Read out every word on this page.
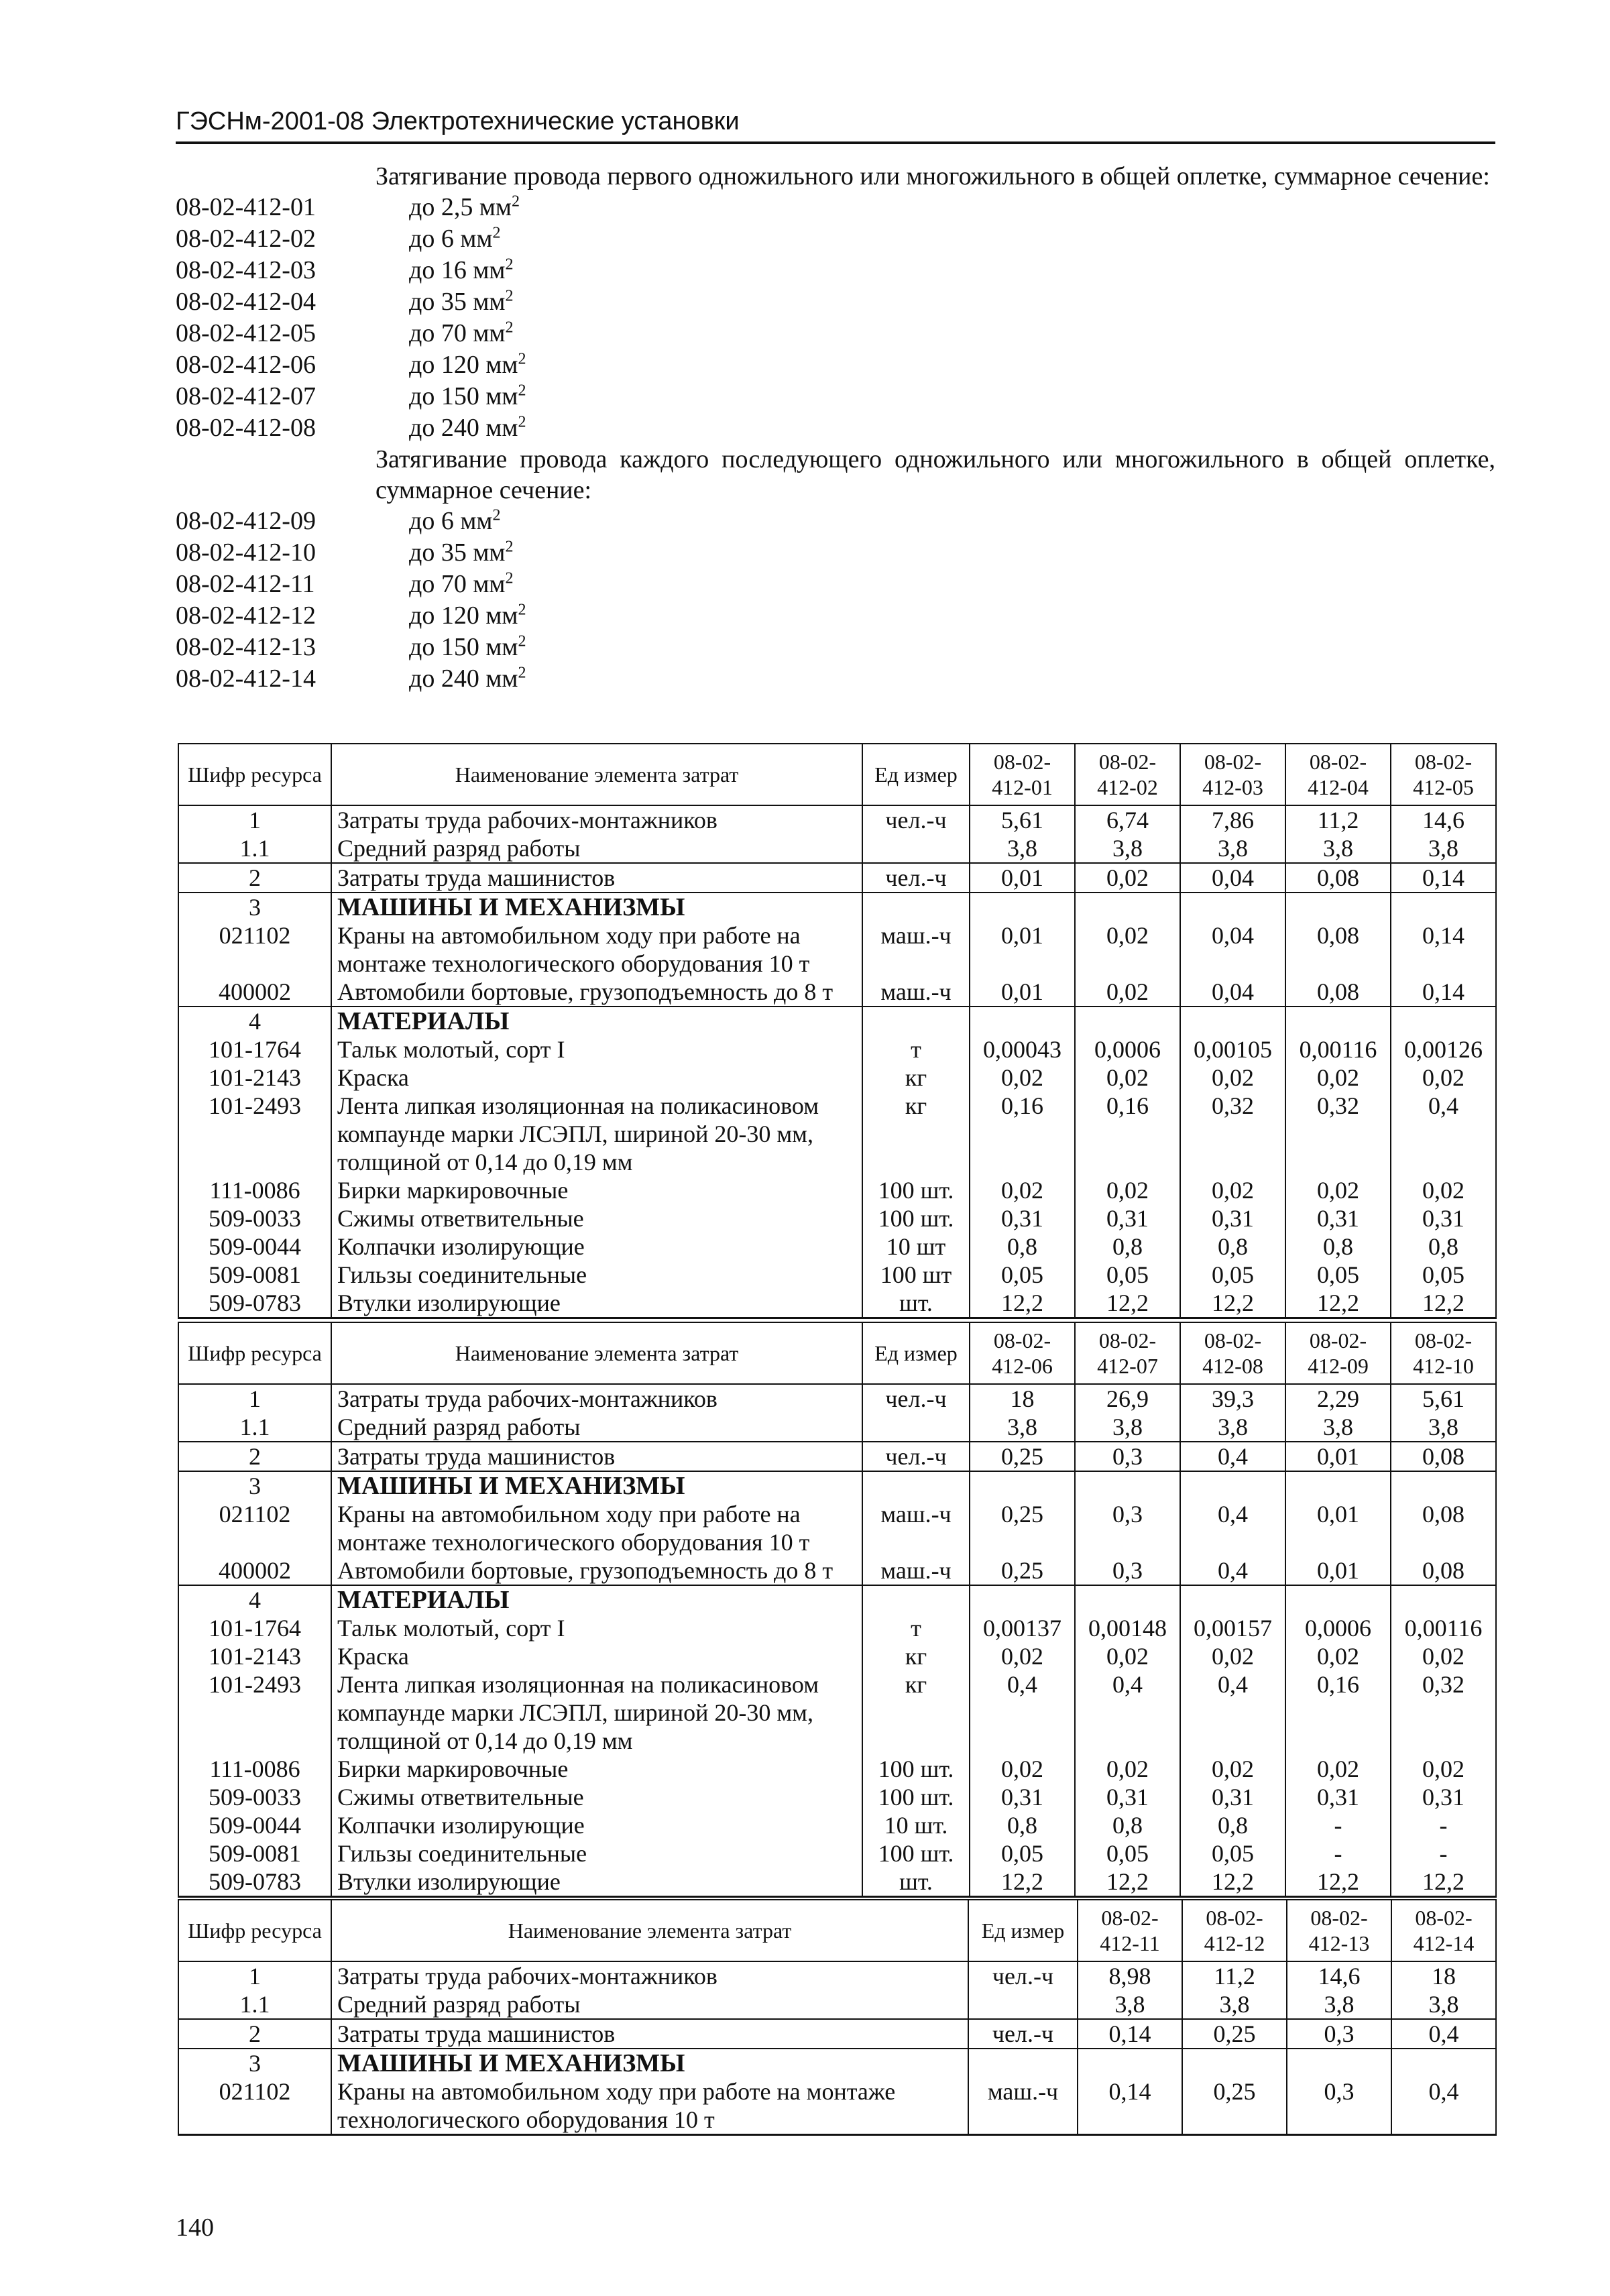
ГЭСНм-2001-08 Электротехнические установки
Затягивание провода первого одножильного или многожильного в общей оплетке, суммарное сечение:
08-02-412-01	до 2,5 $мм^2$
08-02-412-02	до 6 $мм^2$
08-02-412-03	до 16 $мм^2$
08-02-412-04	до 35 $мм^2$
08-02-412-05	до 70 $мм^2$
08-02-412-06	до 120 $мм^2$
08-02-412-07	до 150 $мм^2$
08-02-412-08	до 240 $мм^2$
Затягивание провода каждого последующего одножильного или многожильного в общей оплетке, суммарное сечение:
08-02-412-09	до 6 $мм^2$
08-02-412-10	до 35 $мм^2$
08-02-412-11	до 70 $мм^2$
08-02-412-12	до 120 $мм^2$
08-02-412-13	до 150 $мм^2$
08-02-412-14	до 240 $мм^2$
Шифр ресурса	Наименование элемента затрат	Ед измер	08-02-412-01	08-02-412-02	08-02-412-03	08-02-412-04	08-02-412-05
1	Затраты труда рабочих-монтажников	чел.-ч	5,61	6,74	7,86	11,2	14,6
1.1	Средний разряд работы		3,8	3,8	3,8	3,8	3,8
2	Затраты труда машинистов	чел.-ч	0,01	0,02	0,04	0,08	0,14
3	МАШИНЫ И МЕХАНИЗМЫ						
021102	Краны на автомобильном ходу при работе на монтаже технологического оборудования 10 т	маш.-ч	0,01	0,02	0,04	0,08	0,14
400002	Автомобили бортовые, грузоподъемность до 8 т	маш.-ч	0,01	0,02	0,04	0,08	0,14
4	МАТЕРИАЛЫ						
101-1764	Тальк молотый, сорт I	т	0,00043	0,0006	0,00105	0,00116	0,00126
101-2143	Краска	кг	0,02	0,02	0,02	0,02	0,02
101-2493	Лента липкая изоляционная на поликасиновом компаунде марки ЛСЭПЛ, шириной 20-30 мм, толщиной от 0,14 до 0,19 мм	кг	0,16	0,16	0,32	0,32	0,4
111-0086	Бирки маркировочные	100 шт.	0,02	0,02	0,02	0,02	0,02
509-0033	Сжимы ответвительные	100 шт.	0,31	0,31	0,31	0,31	0,31
509-0044	Колпачки изолирующие	10 шт	0,8	0,8	0,8	0,8	0,8
509-0081	Гильзы соединительные	100 шт	0,05	0,05	0,05	0,05	0,05
509-0783	Втулки изолирующие	шт.	12,2	12,2	12,2	12,2	12,2
Шифр ресурса	Наименование элемента затрат	Ед измер	08-02-412-06	08-02-412-07	08-02-412-08	08-02-412-09	08-02-412-10
1	Затраты труда рабочих-монтажников	чел.-ч	18	26,9	39,3	2,29	5,61
1.1	Средний разряд работы		3,8	3,8	3,8	3,8	3,8
2	Затраты труда машинистов	чел.-ч	0,25	0,3	0,4	0,01	0,08
3	МАШИНЫ И МЕХАНИЗМЫ						
021102	Краны на автомобильном ходу при работе на монтаже технологического оборудования 10 т	маш.-ч	0,25	0,3	0,4	0,01	0,08
400002	Автомобили бортовые, грузоподъемность до 8 т	маш.-ч	0,25	0,3	0,4	0,01	0,08
4	МАТЕРИАЛЫ						
101-1764	Тальк молотый, сорт I	т	0,00137	0,00148	0,00157	0,0006	0,00116
101-2143	Краска	кг	0,02	0,02	0,02	0,02	0,02
101-2493	Лента липкая изоляционная на поликасиновом компаунде марки ЛСЭПЛ, шириной 20-30 мм, толщиной от 0,14 до 0,19 мм	кг	0,4	0,4	0,4	0,16	0,32
111-0086	Бирки маркировочные	100 шт.	0,02	0,02	0,02	0,02	0,02
509-0033	Сжимы ответвительные	100 шт.	0,31	0,31	0,31	0,31	0,31
509-0044	Колпачки изолирующие	10 шт.	0,8	0,8	0,8	-	-
509-0081	Гильзы соединительные	100 шт.	0,05	0,05	0,05	-	-
509-0783	Втулки изолирующие	шт.	12,2	12,2	12,2	12,2	12,2
Шифр ресурса	Наименование элемента затрат	Ед измер	08-02-412-11	08-02-412-12	08-02-412-13	08-02-412-14
1	Затраты труда рабочих-монтажников	чел.-ч	8,98	11,2	14,6	18
1.1	Средний разряд работы		3,8	3,8	3,8	3,8
2	Затраты труда машинистов	чел.-ч	0,14	0,25	0,3	0,4
3	МАШИНЫ И МЕХАНИЗМЫ					
021102	Краны на автомобильном ходу при работе на монтаже технологического оборудования 10 т	маш.-ч	0,14	0,25	0,3	0,4
140
